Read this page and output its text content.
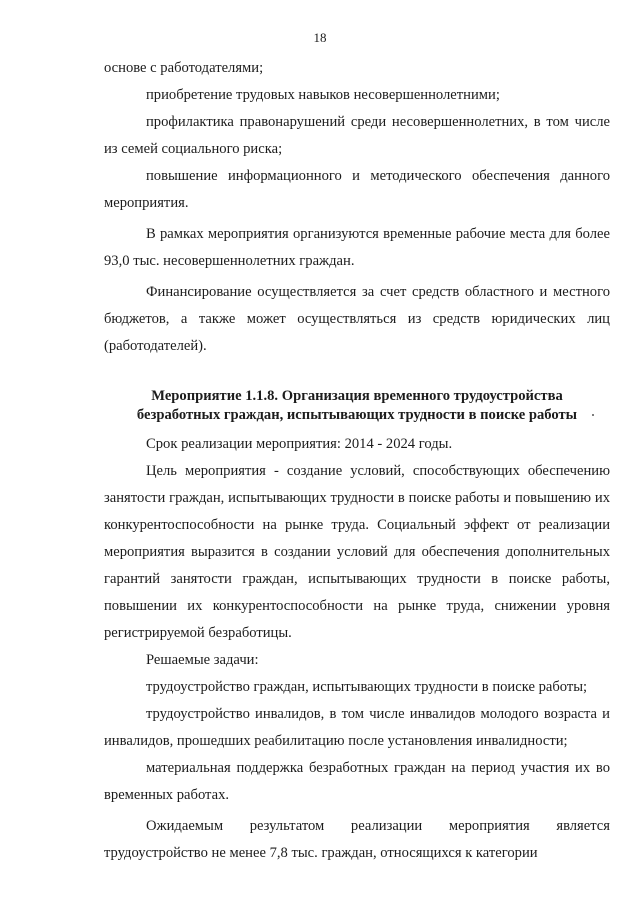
18

основе с работодателями;

приобретение трудовых навыков несовершеннолетними;

профилактика правонарушений среди несовершеннолетних, в том числе из семей социального риска;

повышение информационного и методического обеспечения данного мероприятия.

В рамках мероприятия организуются временные рабочие места для более 93,0 тыс. несовершеннолетних граждан.

Финансирование осуществляется за счет средств областного и местного бюджетов, а также может осуществляться из средств юридических лиц (работодателей).

Мероприятие 1.1.8. Организация временного трудоустройства
безработных граждан, испытывающих трудности в поиске работы

Срок реализации мероприятия: 2014 - 2024 годы.

Цель мероприятия - создание условий, способствующих обеспечению занятости граждан, испытывающих трудности в поиске работы и повышению их конкурентоспособности на рынке труда. Социальный эффект от реализации мероприятия выразится в создании условий для обеспечения дополнительных гарантий занятости граждан, испытывающих трудности в поиске работы, повышении их конкурентоспособности на рынке труда, снижении уровня регистрируемой безработицы.

Решаемые задачи:

трудоустройство граждан, испытывающих трудности в поиске работы;

трудоустройство инвалидов, в том числе инвалидов молодого возраста и инвалидов, прошедших реабилитацию после установления инвалидности;

материальная поддержка безработных граждан на период участия их во временных работах.

Ожидаемым результатом реализации мероприятия является трудоустройство не менее 7,8 тыс. граждан, относящихся к категории
